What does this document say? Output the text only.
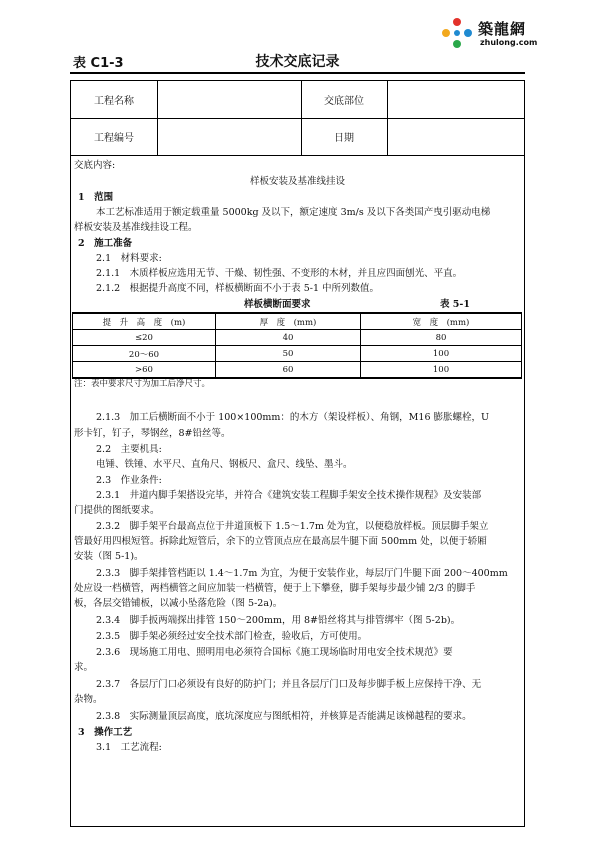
築龍網
zhulong.com
表 C1-3	技术交底记录
工程名称	交底部位
工程编号	日期
交底内容:
样板安装及基准线挂设
1　范围
本工艺标准适用于额定载重量 5000kg 及以下，额定速度 3m/s 及以下各类国产曳引驱动电梯
样板安装及基准线挂设工程。
2　施工准备
2.1　材料要求:
2.1.1　木质样板应选用无节、干燥、韧性强、不变形的木材，并且应四面刨光、平直。
2.1.2　根据提升高度不同，样板横断面不小于表 5-1 中所列数值。
样板横断面要求	表 5-1
提　升　高　度　(m)	厚　度　(mm)	宽　度　(mm)
≤20	40	80
20～60	50	100
>60	60	100
注：表中要求尺寸为加工后净尺寸。
2.1.3　加工后横断面不小于 100×100mm：的木方（架设样板）、角钢，M16 膨胀螺栓，U
形卡钉，钉子，琴钢丝，8#铅丝等。
2.2　主要机具:
电锤、铁锤、水平尺、直角尺、钢板尺、盒尺、线坠、墨斗。
2.3　作业条件:
2.3.1　井道内脚手架搭设完毕，并符合《建筑安装工程脚手架安全技术操作规程》及安装部
门提供的图纸要求。
2.3.2　脚手架平台最高点位于井道顶板下 1.5～1.7m 处为宜，以便稳放样板。顶层脚手架立
管最好用四根短管。拆除此短管后，余下的立管顶点应在最高层牛腿下面 500mm 处，以便于轿厢
安装（图 5-1)。
2.3.3　脚手架排管档距以 1.4～1.7m 为宜，为便于安装作业，每层厅门牛腿下面 200～400mm
处应设一档横管，两档横管之间应加装一档横管，便于上下攀登，脚手架每步最少铺 2/3 的脚手
板，各层交错铺板，以减小坠落危险（图 5-2a)。
2.3.4　脚手扳两端探出排管 150～200mm，用 8#铅丝将其与排管绑牢（图 5-2b)。
2.3.5　脚手架必须经过安全技术部门检查，验收后，方可使用。
2.3.6　现场施工用电、照明用电必须符合国标《施工现场临时用电安全技术规范》要
求。
2.3.7　各层厅门口必须设有良好的防护门；并且各层厅门口及每步脚手板上应保持干净、无
杂物。
2.3.8　实际测量顶层高度，底坑深度应与图纸相符，并核算是否能满足该梯越程的要求。
3　操作工艺
3.1　工艺流程:
